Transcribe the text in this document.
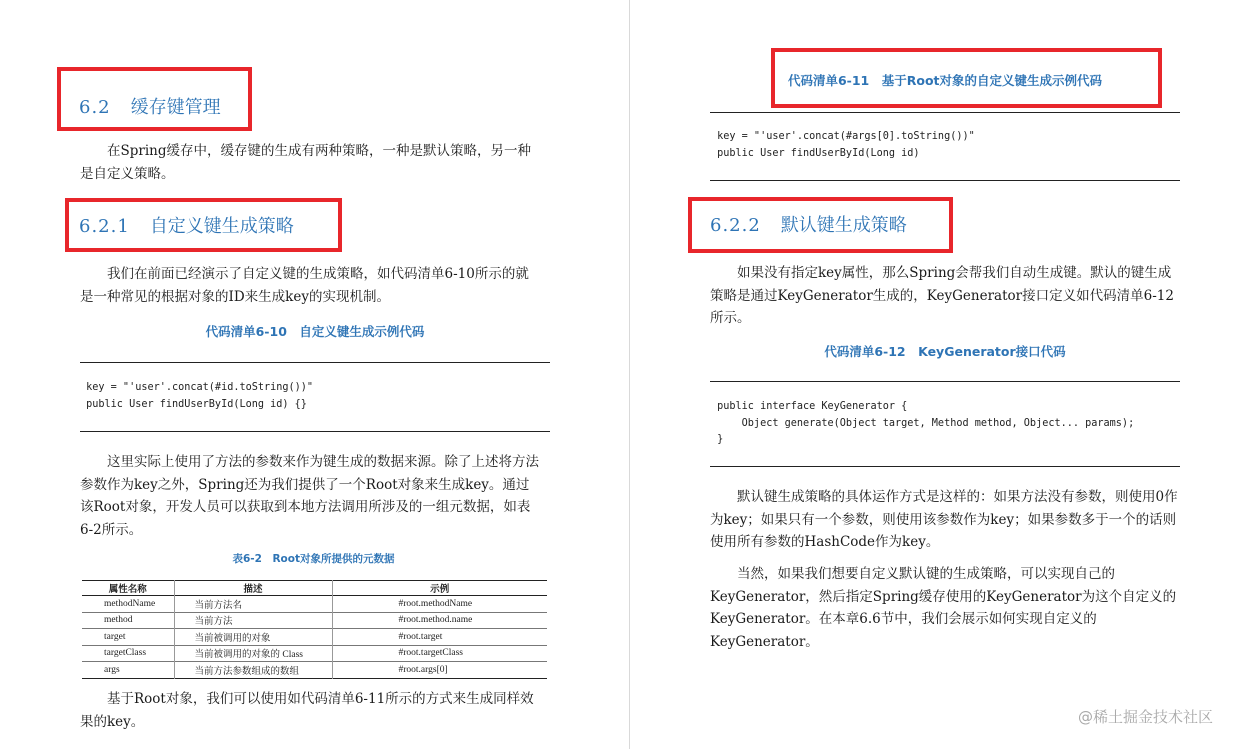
6.2 缓存键管理

在Spring缓存中，缓存键的生成有两种策略，一种是默认策略，另一种是自定义策略。

6.2.1 自定义键生成策略

我们在前面已经演示了自定义键的生成策略，如代码清单6-10所示的就是一种常见的根据对象的ID来生成key的实现机制。

代码清单6-10　自定义键生成示例代码
key = "'user'.concat(#id.toString())"
public User findUserById(Long id) {}

这里实际上使用了方法的参数来作为键生成的数据来源。除了上述将方法参数作为key之外，Spring还为我们提供了一个Root对象来生成key。通过该Root对象，开发人员可以获取到本地方法调用所涉及的一组元数据，如表6-2所示。

表6-2　Root对象所提供的元数据
属性名称	描述	示例
methodName	当前方法名	#root.methodName
method	当前方法	#root.method.name
target	当前被调用的对象	#root.target
targetClass	当前被调用的对象的 Class	#root.targetClass
args	当前方法参数组成的数组	#root.args[0]

基于Root对象，我们可以使用如代码清单6-11所示的方式来生成同样效果的key。

代码清单6-11　基于Root对象的自定义键生成示例代码
key = "'user'.concat(#args[0].toString())"
public User findUserById(Long id)
6.2.2 默认键生成策略

如果没有指定key属性，那么Spring会帮我们自动生成键。默认的键生成策略是通过KeyGenerator生成的，KeyGenerator接口定义如代码清单6-12所示。

代码清单6-12　KeyGenerator接口代码
public interface KeyGenerator {
Object generate(Object target, Method method, Object... params);
}

默认键生成策略的具体运作方式是这样的：如果方法没有参数，则使用0作为key；如果只有一个参数，则使用该参数作为key；如果参数多于一个的话则使用所有参数的HashCode作为key。

当然，如果我们想要自定义默认键的生成策略，可以实现自己的KeyGenerator，然后指定Spring缓存使用的KeyGenerator为这个自定义的KeyGenerator。在本章6.6节中，我们会展示如何实现自定义的KeyGenerator。

@稀土掘金技术社区
